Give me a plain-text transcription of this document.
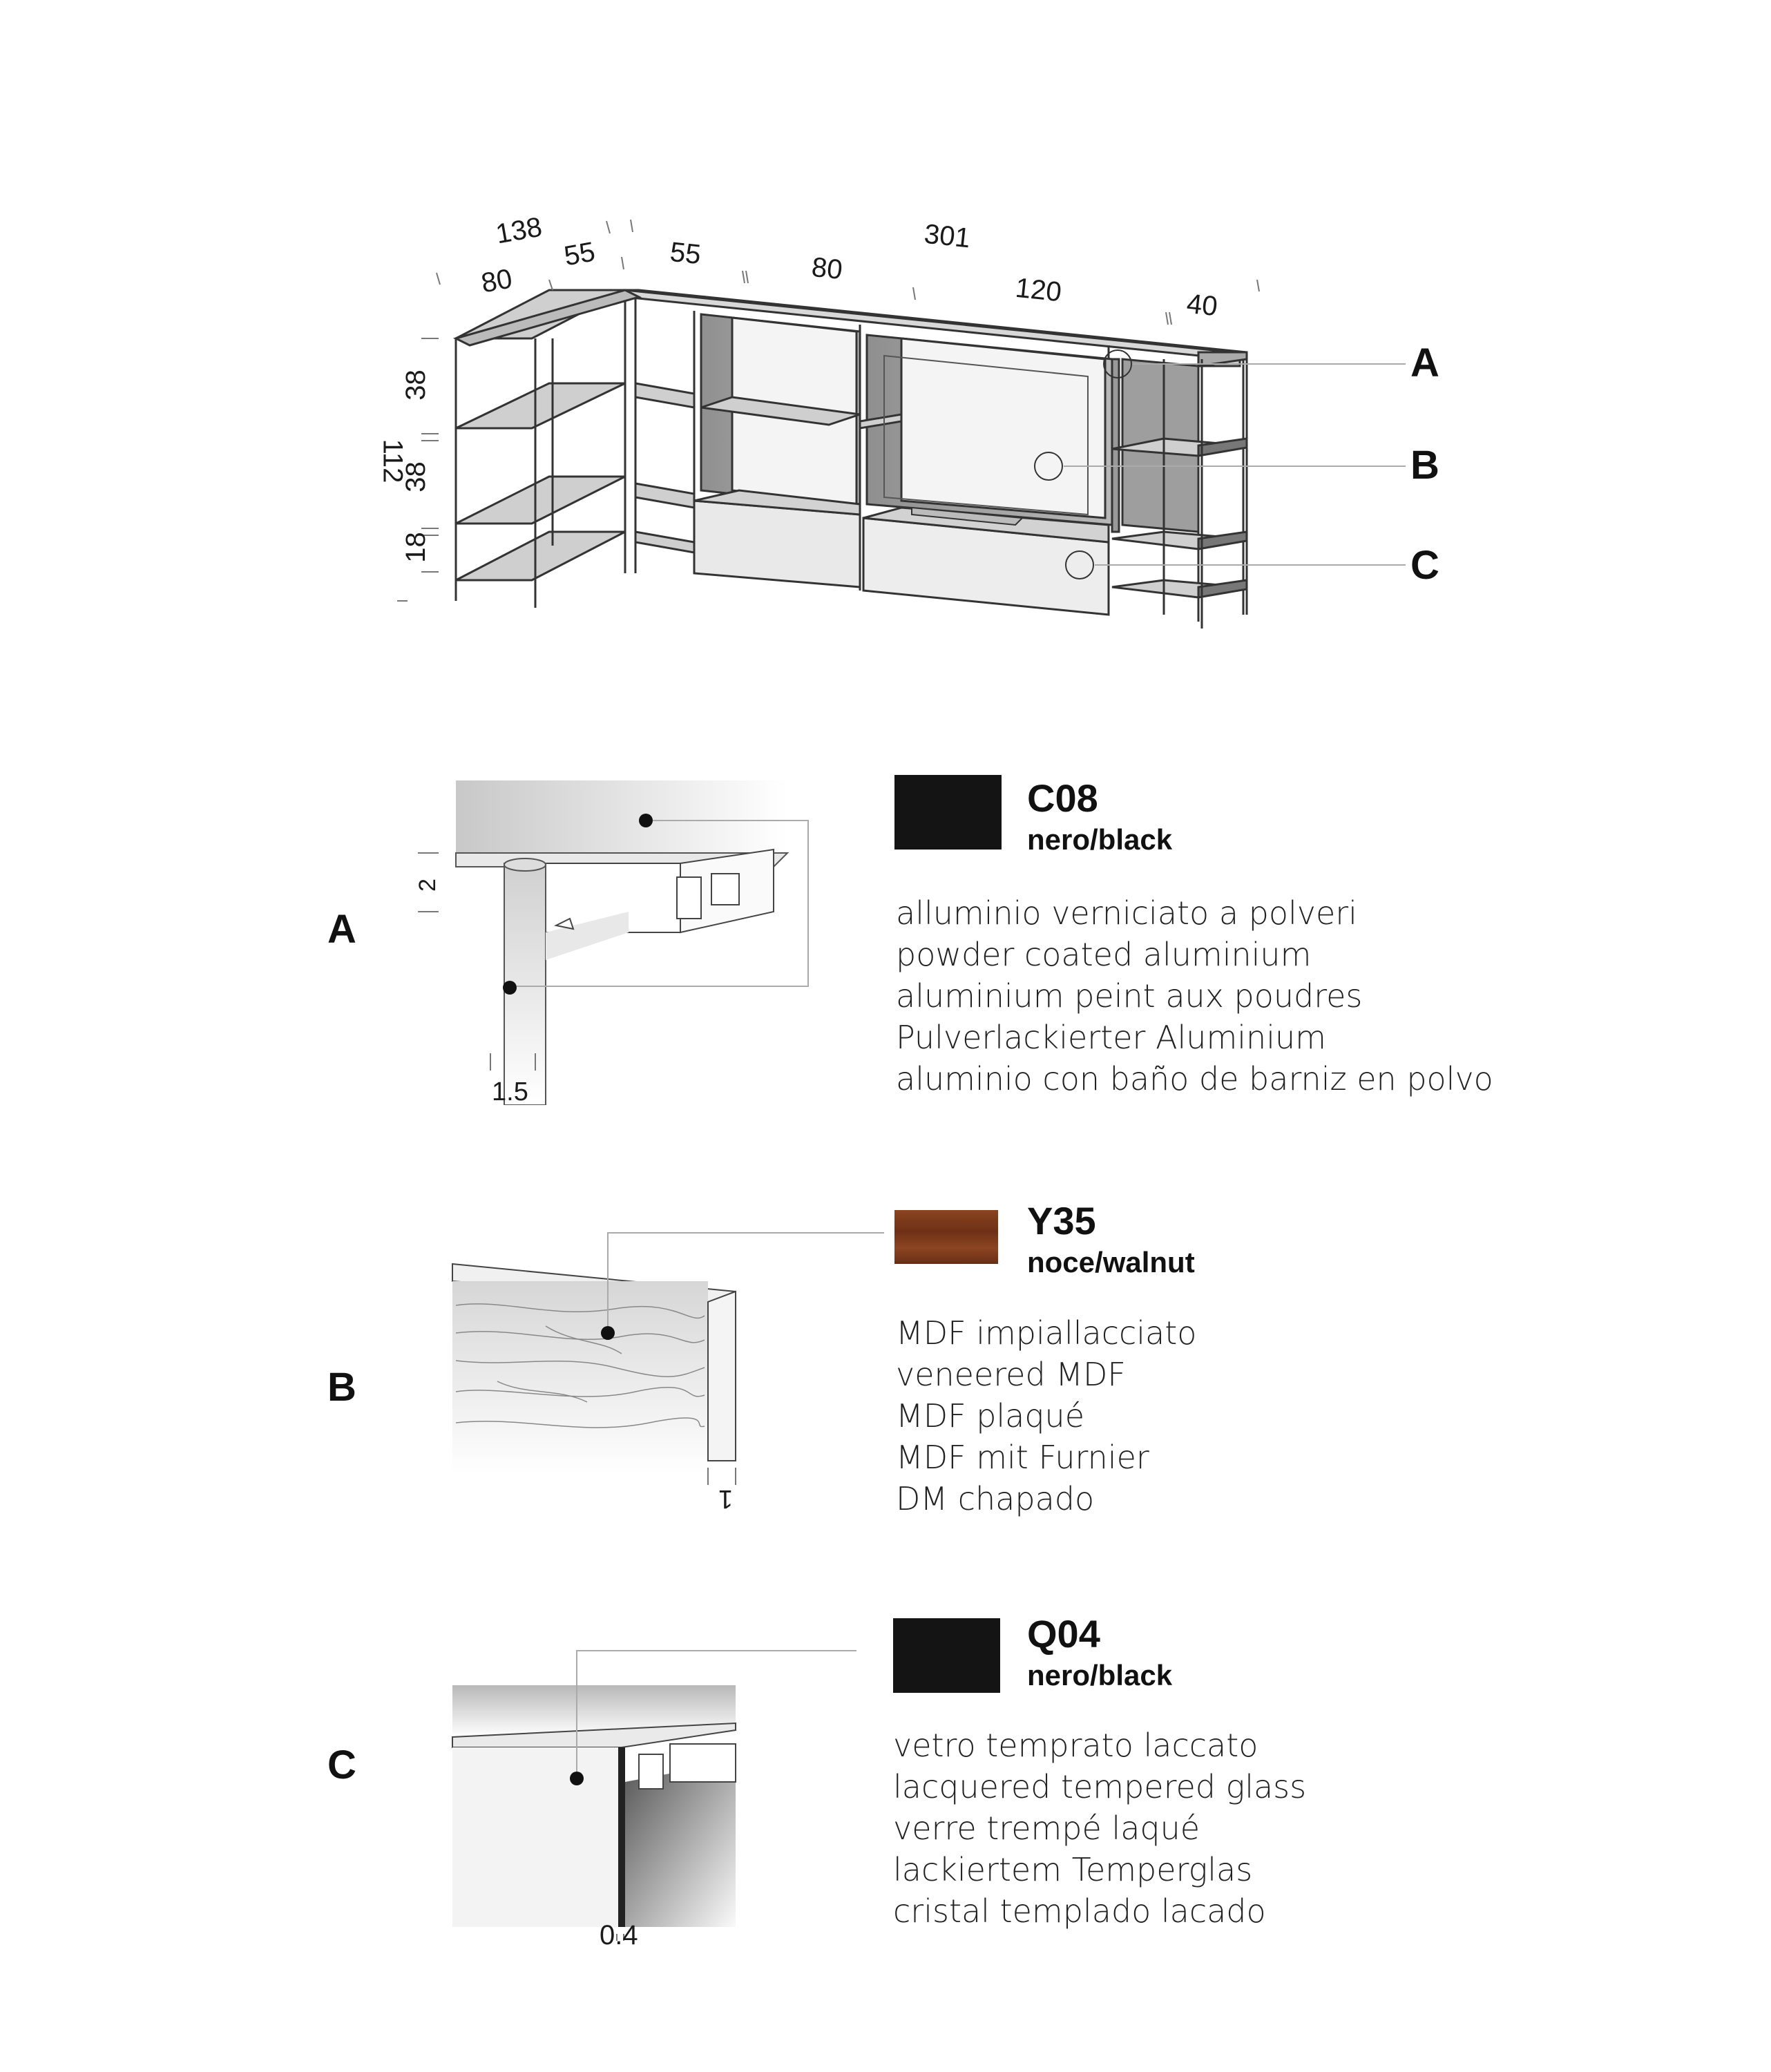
138
80
55	55	80
301
120	40
38
112
38
18
A
B
C
A
2
1.5
C08
nero/black
alluminio verniciato a polveri
powder coated aluminium
aluminium peint aux poudres
Pulverlackierter Aluminium
aluminio con baño de barniz en polvo
B
1
Y35
noce/walnut
MDF impiallacciato
veneered MDF
MDF plaqué
MDF mit Furnier
DM chapado
C
0.4
Q04
nero/black
vetro temprato laccato
lacquered tempered glass
verre trempé laqué
lackiertem Temperglas
cristal templado lacado
